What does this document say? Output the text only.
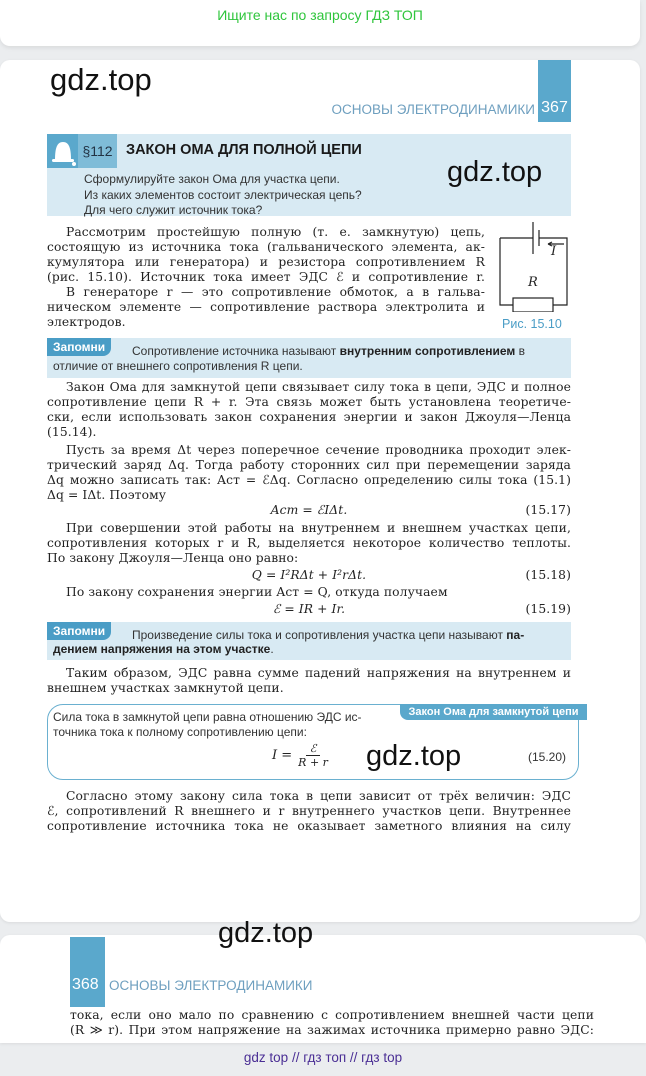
Ищите нас по запросу ГДЗ ТОП
gdz.top
ОСНОВЫ ЭЛЕКТРОДИНАМИКИ 367
§112 ЗАКОН ОМА ДЛЯ ПОЛНОЙ ЦЕПИ
Сформулируйте закон Ома для участка цепи.
Из каких элементов состоит электрическая цепь?
Для чего служит источник тока?
gdz.top
Рассмотрим простейшую полную (т. е. замкнутую) цепь,
состоящую из источника тока (гальванического элемента, ак-
кумулятора или генератора) и резистора сопротивлением R
(рис. 15.10). Источник тока имеет ЭДС ℰ и сопротивление r.
В генераторе r — это сопротивление обмоток, а в гальва-
ническом элементе — сопротивление раствора электролита и
электродов.
I
R
Рис. 15.10
Запомни	Сопротивление источника называют внутренним сопротивлением в
отличие от внешнего сопротивления R цепи.
Закон Ома для замкнутой цепи связывает силу тока в цепи, ЭДС и полное
сопротивление цепи R + r. Эта связь может быть установлена теоретиче-
ски, если использовать закон сохранения энергии и закон Джоуля—Ленца
(15.14).
Пусть за время Δt через поперечное сечение проводника проходит элек-
трический заряд Δq. Тогда работу сторонних сил при перемещении заряда
Δq можно записать так: Aст = ℰΔq. Согласно определению силы тока (15.1)
Δq = IΔt. Поэтому
Aст = ℰIΔt.	(15.17)
При совершении этой работы на внутреннем и внешнем участках цепи,
сопротивления которых r и R, выделяется некоторое количество теплоты.
По закону Джоуля—Ленца оно равно:
Q = I²RΔt + I²rΔt.	(15.18)
По закону сохранения энергии Aст = Q, откуда получаем
ℰ = IR + Ir.	(15.19)
Запомни	Произведение силы тока и сопротивления участка цепи называют па-
дением напряжения на этом участке.
Таким образом, ЭДС равна сумме падений напряжения на внутреннем и
внешнем участках замкнутой цепи.
Закон Ома для замкнутой цепи
Сила тока в замкнутой цепи равна отношению ЭДС ис-
точника тока к полному сопротивлению цепи:
I =	ℰ
R + r gdz.top	(15.20)
Согласно этому закону сила тока в цепи зависит от трёх величин: ЭДС
ℰ, сопротивлений R внешнего и r внутреннего участков цепи. Внутреннее
сопротивление источника тока не оказывает заметного влияния на силу
368 ОСНОВЫ ЭЛЕКТРОДИНАМИКИ
gdz.top
тока, если оно мало по сравнению с сопротивлением внешней части цепи
(R ≫ r). При этом напряжение на зажимах источника примерно равно ЭДС:
gdz top // гдз топ // гдз top
